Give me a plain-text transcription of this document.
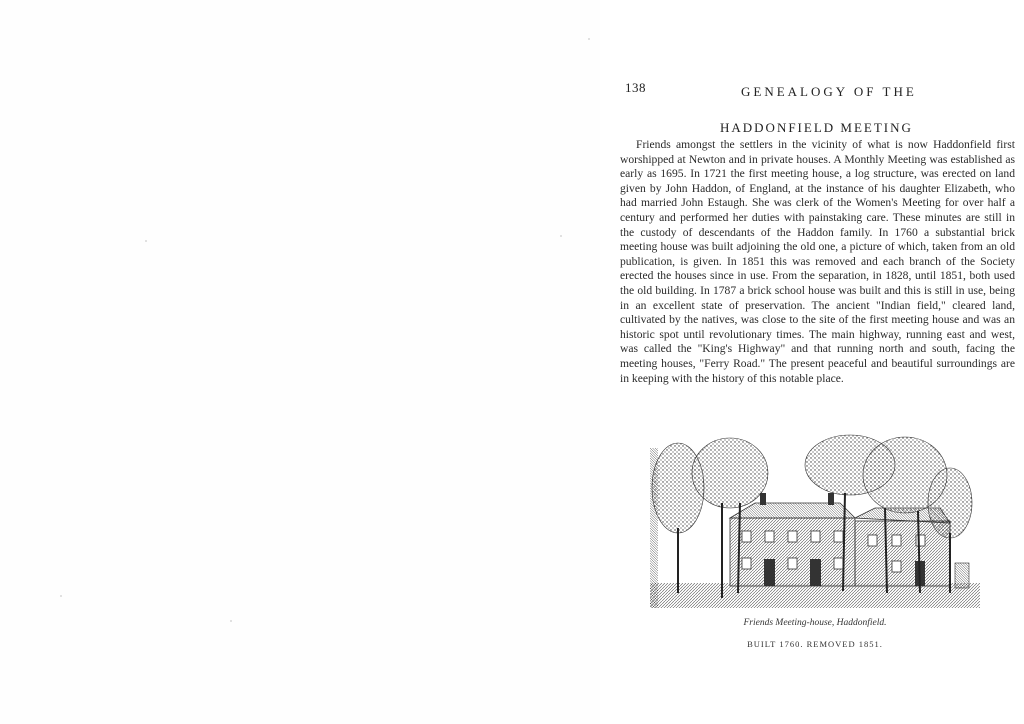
138	GENEALOGY OF THE
HADDONFIELD MEETING

Friends amongst the settlers in the vicinity of what is now Haddonfield first worshipped at Newton and in private houses. A Monthly Meeting was established as early as 1695. In 1721 the first meeting house, a log structure, was erected on land given by John Haddon, of England, at the instance of his daughter Elizabeth, who had married John Estaugh. She was clerk of the Women's Meeting for over half a century and performed her duties with painstaking care. These minutes are still in the custody of descendants of the Haddon family. In 1760 a substantial brick meeting house was built adjoining the old one, a picture of which, taken from an old publication, is given. In 1851 this was removed and each branch of the Society erected the houses since in use. From the separation, in 1828, until 1851, both used the old building. In 1787 a brick school house was built and this is still in use, being in an excellent state of preservation. The ancient "Indian field," cleared land, cultivated by the natives, was close to the site of the first meeting house and was an historic spot until revolutionary times. The main highway, running east and west, was called the "King's Highway" and that running north and south, facing the meeting houses, "Ferry Road." The present peaceful and beautiful surroundings are in keeping with the history of this notable place.

Friends Meeting-house, Haddonfield.
BUILT 1760. REMOVED 1851.
